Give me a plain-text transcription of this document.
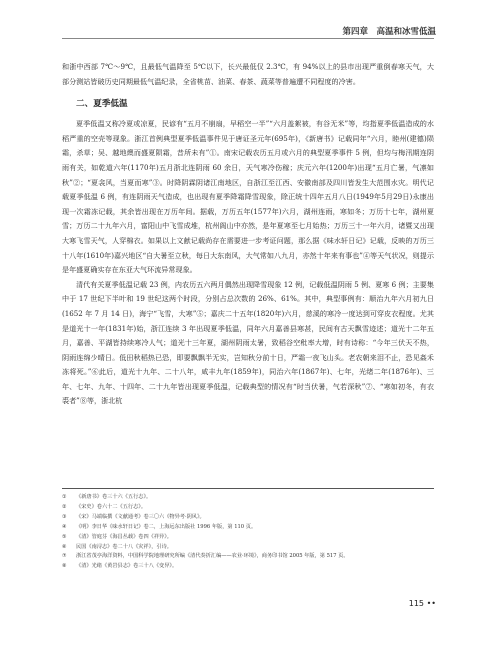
第四章　高温和冰雪低温

和浙中西部 7℃～9℃，且最低气温降至 5℃以下，长兴最低仅 2.3℃，有 94%以上的县市出现严重倒春寒天气，大部分测站皆破历史同期最低气温纪录，全省桃苗、油菜、春茶、蔬菜等普遍遭不同程度的冷害。

二、夏季低温

夏季低温又称冷夏或凉夏，民谚有“五月不崩扇，早稻空一半”“六月盖絮被，有谷无米”等，均指夏季低温造成的水稻严重的空壳等现象。浙江首例典型夏季低温事件见于唐证圣元年(695年)，《新唐书》记载同年“六月，睦州(建德)陨霜，杀草；吴、越地燠而盛夏陨霜，昔所未有”①。南宋记载农历五月或六月的典型夏季事件 5 例，但均与梅汛期连阴雨有关，如乾道六年(1170年)五月浙北连阴雨 60 余日，天气寒冷伤稼；庆元六年(1200年)出现“五月亡暑，气凛如秋”②；“夏衾风，当夏而寒”③。时降阴霖阴诸江南地区，自浙江至江西、安徽南部及四川皆发生大范围水灾。明代记载夏季低温 6 例，有连阴雨天气造成，也出现有夏季降霜降雪现象，除正统十四年五月八日(1949年5月29日)永康出现一次霜冻记载，其余皆出现在万历年间。据载，万历五年(1577年)六月，湖州连雨，寒如冬；万历十七年，湖州夏雪；万历二十九年六月，富阳山中飞雪成堆，杭州阁山中亦然，是年夏寒至七月始热；万历三十一年六月，诸暨又出现大寒飞雪天气，人穿棉衣。如果以上文献记载尚存在需要进一步考证问题，那么据《味水轩日记》记载，反映的万历三十八年(1610年)嘉兴地区“自大暑至立秋，每日大东南风，大气常如八九月，亦然十年来有事也”④等天气状况，则提示是年盛夏确实存在东亚大气环流异常现象。

清代有关夏季低温记载 23 例，内农历五六两月偶然出现降雪现象 12 例，记载低温阴雨 5 例、夏寒 6 例；主要集中于 17 世纪下半叶和 19 世纪这两个时段，分别占总次数的 26%、61%。其中，典型事例有：顺治九年六月初九日(1652 年 7 月 14 日)，海宁“飞雪，大寒”⑤；嘉庆二十五年(1820年)六月，慈溪的寒冷一度达到可穿皮衣程度。尤其是道光十一年(1831年)始，浙江连续 3 年出现夏季低温，同年六月嘉善县寒甚，民间有古天飘雪迹述；道光十二年五月，嘉善、平湖皆持续寒冷人气；道光十三年夏，湖州阴雨太暑，致稻谷空秕率大增，时有诗称：“今年三伏天不热，阴雨连绵少晴日。低田秋稻热已恐，即要飘飘半无实，岂知秋分前十日，严霜一夜飞山头。老农朝来泪不止，恐见姦禾冻将死。”⑥此后，道光十九年、二十八年，咸丰九年(1859年)，同治六年(1867年)、七年，光绪二年(1876年)、三年、七年、九年、十四年、二十九年皆出现夏季低温，记载典型的情况有“时当伏暑，气若深秋”⑦、“寒如初冬，有衣裘者”⑧等，浙北杭

①	《新唐书》卷三十六《五行志》。
②	《宋史》卷六十二《五行志》。
③	《宋》马端临撰《文献通考》卷三〇六《物异考·阴风》。
④	《明》李日华《味水轩日记》卷二，上海远东出版社 1996 年版，第 110 页。
⑤	《清》管庭芬《海昌丛载》卷四《祥异》。
⑥	民国《南浔志》卷二十八《灾祥》，引诗。
⑦	浙江省茂亭海洋资料，中国科学院地理研究所编《清代奏折汇编——农业·环境》，商务印书馆 2005 年版，第 517 页。
⑧	《清》光绪《黄岩县志》卷三十八《变异》。
115 ••
